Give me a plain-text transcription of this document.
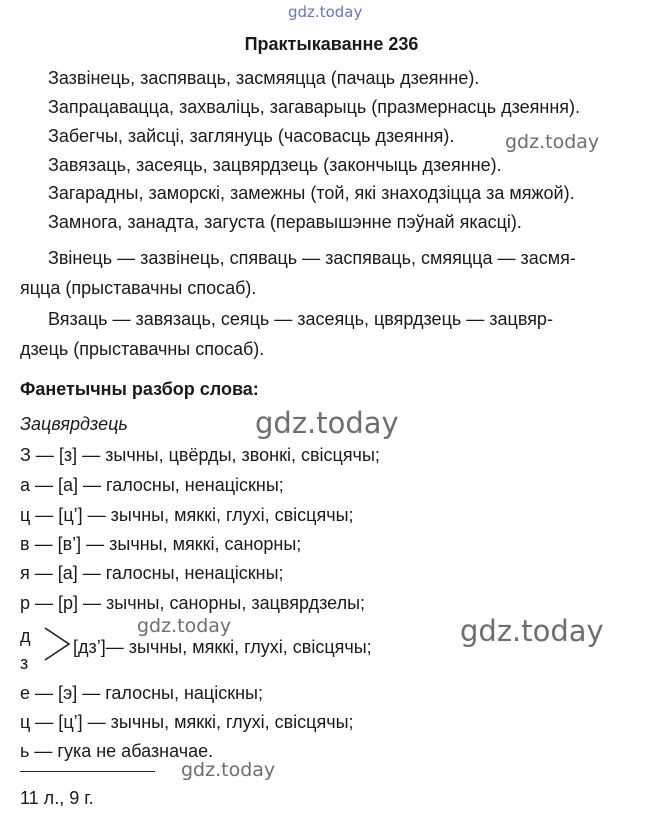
gdz.today
Практыкаванне 236
Зазвінець, заспяваць, засмяяцца (пачаць дзеянне).
Запрацавацца, захваліць, загаварыць (празмернасць дзеяння).
Забегчы, зайсці, заглянуць (часовасць дзеяння).	gdz.today
Завязаць, засеяць, зацвярдзець (закончыць дзеянне).
Загарадны, заморскі, замежны (той, які знаходзіцца за мяжой).
Замнога, занадта, загуста (перавышэнне пэўнай якасці).
Звінець — зазвінець, спяваць — заспяваць, смяяцца — засмя-
яцца (прыставачны спосаб).
Вязаць — завязаць, сеяць — засеяць, цвярдзець — зацвяр-
дзець (прыставачны спосаб).
Фанетычны разбор слова:
Зацвярдзець	gdz.today
З — [з] — зычны, цвёрды, звонкі, свісцячы;
а — [а] — галосны, ненаціскны;
ц — [ц’] — зычны, мяккі, глухі, свісцячы;
в — [в’] — зычны, мяккі, санорны;
я — [а] — галосны, ненаціскны;
р — [р] — зычны, санорны, зацвярдзелы;
gdz.today	gdz.today
д
[дз’]— зычны, мяккі, глухі, свісцячы;
з
е — [э] — галосны, націскны;
ц — [ц’] — зычны, мяккі, глухі, свісцячы;
ь — гука не абазначае.
gdz.today
11 л., 9 г.
